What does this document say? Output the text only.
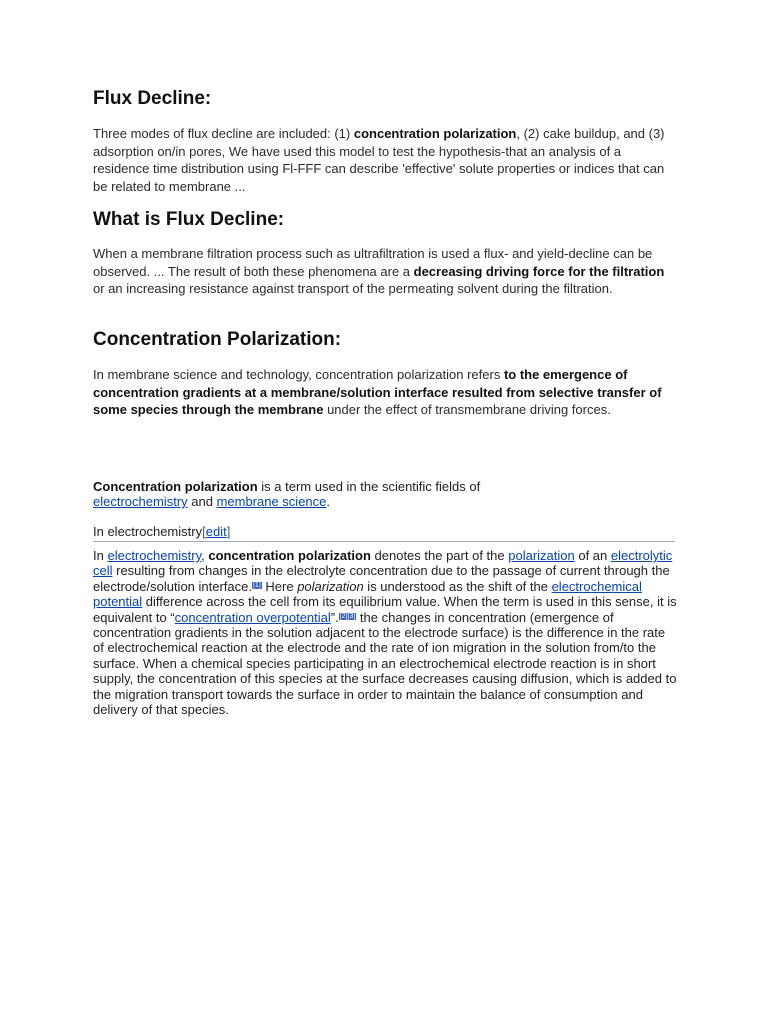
Flux Decline:

Three modes of flux decline are included: (1) concentration polarization, (2) cake buildup, and (3) adsorption on/in pores, We have used this model to test the hypothesis-that an analysis of a residence time distribution using Fl-FFF can describe 'effective' solute properties or indices that can be related to membrane ...

What is Flux Decline:

When a membrane filtration process such as ultrafiltration is used a flux- and yield-decline can be observed. ... The result of both these phenomena are a decreasing driving force for the filtration or an increasing resistance against transport of the permeating solvent during the filtration.

Concentration Polarization:

In membrane science and technology, concentration polarization refers to the emergence of concentration gradients at a membrane/solution interface resulted from selective transfer of some species through the membrane under the effect of transmembrane driving forces.

Concentration polarization is a term used in the scientific fields of electrochemistry and membrane science.

In electrochemistry[edit]

In electrochemistry, concentration polarization denotes the part of the polarization of an electrolytic cell resulting from changes in the electrolyte concentration due to the passage of current through the electrode/solution interface.[1] Here polarization is understood as the shift of the electrochemical potential difference across the cell from its equilibrium value. When the term is used in this sense, it is equivalent to “concentration overpotential”.[2][3] the changes in concentration (emergence of concentration gradients in the solution adjacent to the electrode surface) is the difference in the rate of electrochemical reaction at the electrode and the rate of ion migration in the solution from/to the surface. When a chemical species participating in an electrochemical electrode reaction is in short supply, the concentration of this species at the surface decreases causing diffusion, which is added to the migration transport towards the surface in order to maintain the balance of consumption and delivery of that species.
